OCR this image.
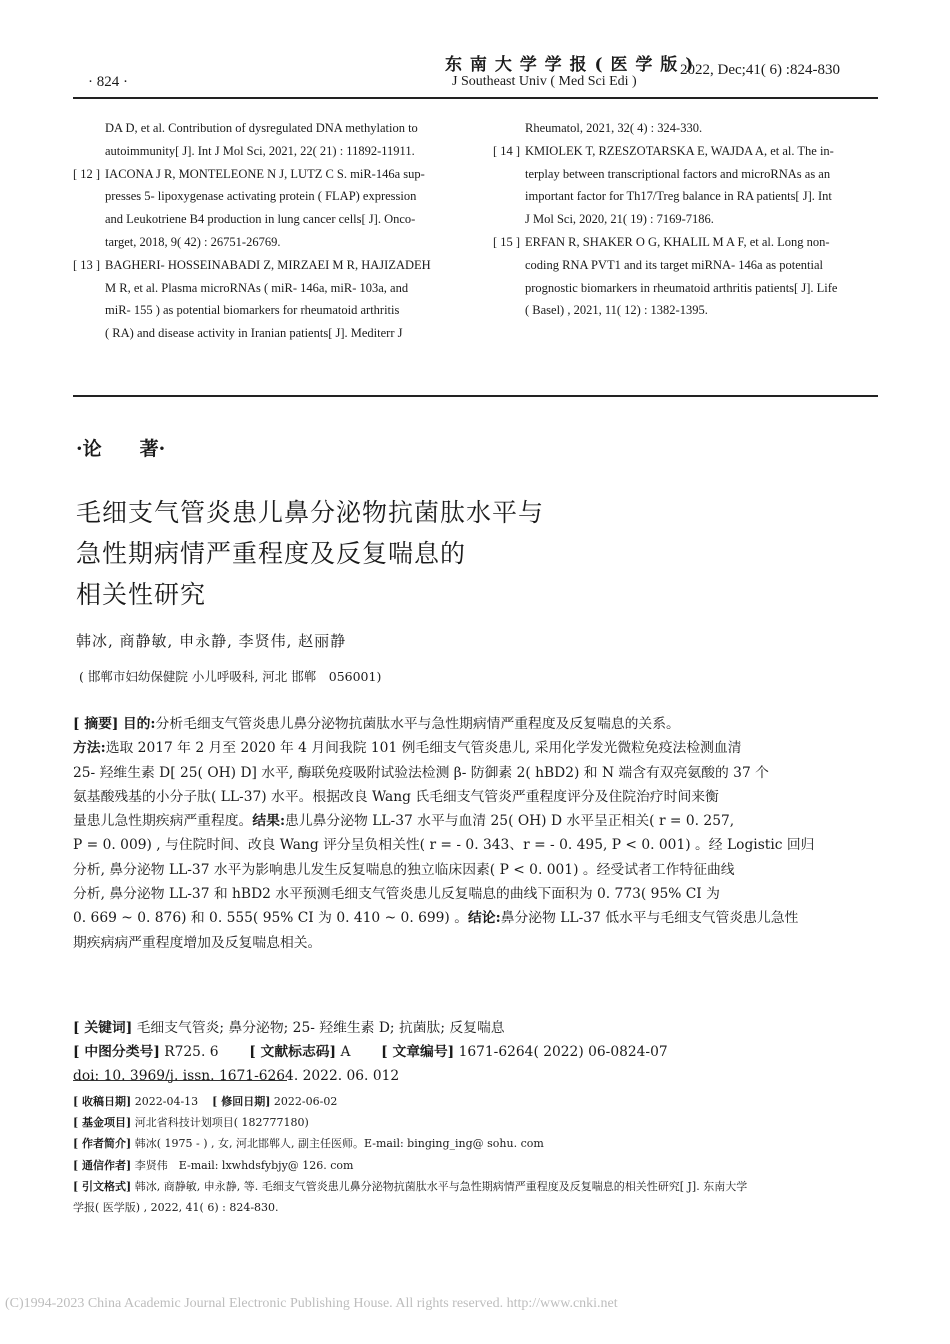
· 824 ·
东 南 大 学 学 报 ( 医 学 版 )
J Southeast Univ ( Med Sci Edi )
2022, Dec;41( 6) :824-830
DA D, et al. Contribution of dysregulated DNA methylation to
autoimmunity[ J]. Int J Mol Sci, 2021, 22( 21) : 11892-11911.
[ 12 ] IACONA J R, MONTELEONE N J, LUTZ C S. miR-146a sup-
presses 5- lipoxygenase activating protein ( FLAP) expression
and Leukotriene B4 production in lung cancer cells[ J]. Onco-
target, 2018, 9( 42) : 26751-26769.
[ 13 ] BAGHERI- HOSSEINABADI Z, MIRZAEI M R, HAJIZADEH
M R, et al. Plasma microRNAs ( miR- 146a, miR- 103a, and
miR- 155 ) as potential biomarkers for rheumatoid arthritis
( RA) and disease activity in Iranian patients[ J]. Mediterr J
Rheumatol, 2021, 32( 4) : 324-330.
[ 14 ] KMIOLEK T, RZESZOTARSKA E, WAJDA A, et al. The in-
terplay between transcriptional factors and microRNAs as an
important factor for Th17/Treg balance in RA patients[ J]. Int
J Mol Sci, 2020, 21( 19) : 7169-7186.
[ 15 ] ERFAN R, SHAKER O G, KHALIL M A F, et al. Long non-
coding RNA PVT1 and its target miRNA- 146a as potential
prognostic biomarkers in rheumatoid arthritis patients[ J]. Life
( Basel) , 2021, 11( 12) : 1382-1395.
·论　　著·
毛细支气管炎患儿鼻分泌物抗菌肽水平与
急性期病情严重程度及反复喘息的
相关性研究
韩冰, 商静敏, 申永静, 李贤伟, 赵丽静
( 邯郸市妇幼保健院 小儿呼吸科, 河北 邯郸　056001)
[ 摘要] 目的:分析毛细支气管炎患儿鼻分泌物抗菌肽水平与急性期病情严重程度及反复喘息的关系。
方法:选取 2017 年 2 月至 2020 年 4 月间我院 101 例毛细支气管炎患儿, 采用化学发光微粒免疫法检测血清
25- 羟维生素 D[ 25( OH) D] 水平, 酶联免疫吸附试验法检测 β- 防御素 2( hBD2) 和 N 端含有双亮氨酸的 37 个
氨基酸残基的小分子肽( LL-37) 水平。根据改良 Wang 氏毛细支气管炎严重程度评分及住院治疗时间来衡
量患儿急性期疾病严重程度。结果:患儿鼻分泌物 LL-37 水平与血清 25( OH) D 水平呈正相关( r = 0. 257,
P = 0. 009) , 与住院时间、改良 Wang 评分呈负相关性( r = - 0. 343、r = - 0. 495, P < 0. 001) 。经 Logistic 回归
分析, 鼻分泌物 LL-37 水平为影响患儿发生反复喘息的独立临床因素( P < 0. 001) 。经受试者工作特征曲线
分析, 鼻分泌物 LL-37 和 hBD2 水平预测毛细支气管炎患儿反复喘息的曲线下面积为 0. 773( 95% CI 为
0. 669 ~ 0. 876) 和 0. 555( 95% CI 为 0. 410 ~ 0. 699) 。结论:鼻分泌物 LL-37 低水平与毛细支气管炎患儿急性
期疾病病严重程度增加及反复喘息相关。
[ 关键词] 毛细支气管炎; 鼻分泌物; 25- 羟维生素 D; 抗菌肽; 反复喘息
[ 中图分类号] R725. 6 [ 文献标志码] A [ 文章编号] 1671-6264( 2022) 06-0824-07
doi: 10. 3969/j. issn. 1671-6264. 2022. 06. 012
[ 收稿日期] 2022-04-13 [ 修回日期] 2022-06-02
[ 基金项目] 河北省科技计划项目( 182777180)
[ 作者简介] 韩冰( 1975 - ) , 女, 河北邯郸人, 副主任医师。E-mail: binging_ing@ sohu. com
[ 通信作者] 李贤伟　E-mail: lxwhdsfybjy@ 126. com
[ 引文格式] 韩冰, 商静敏, 申永静, 等. 毛细支气管炎患儿鼻分泌物抗菌肽水平与急性期病情严重程度及反复喘息的相关性研究[ J]. 东南大学
学报( 医学版) , 2022, 41( 6) : 824-830.
(C)1994-2023 China Academic Journal Electronic Publishing House. All rights reserved. http://www.cnki.net
